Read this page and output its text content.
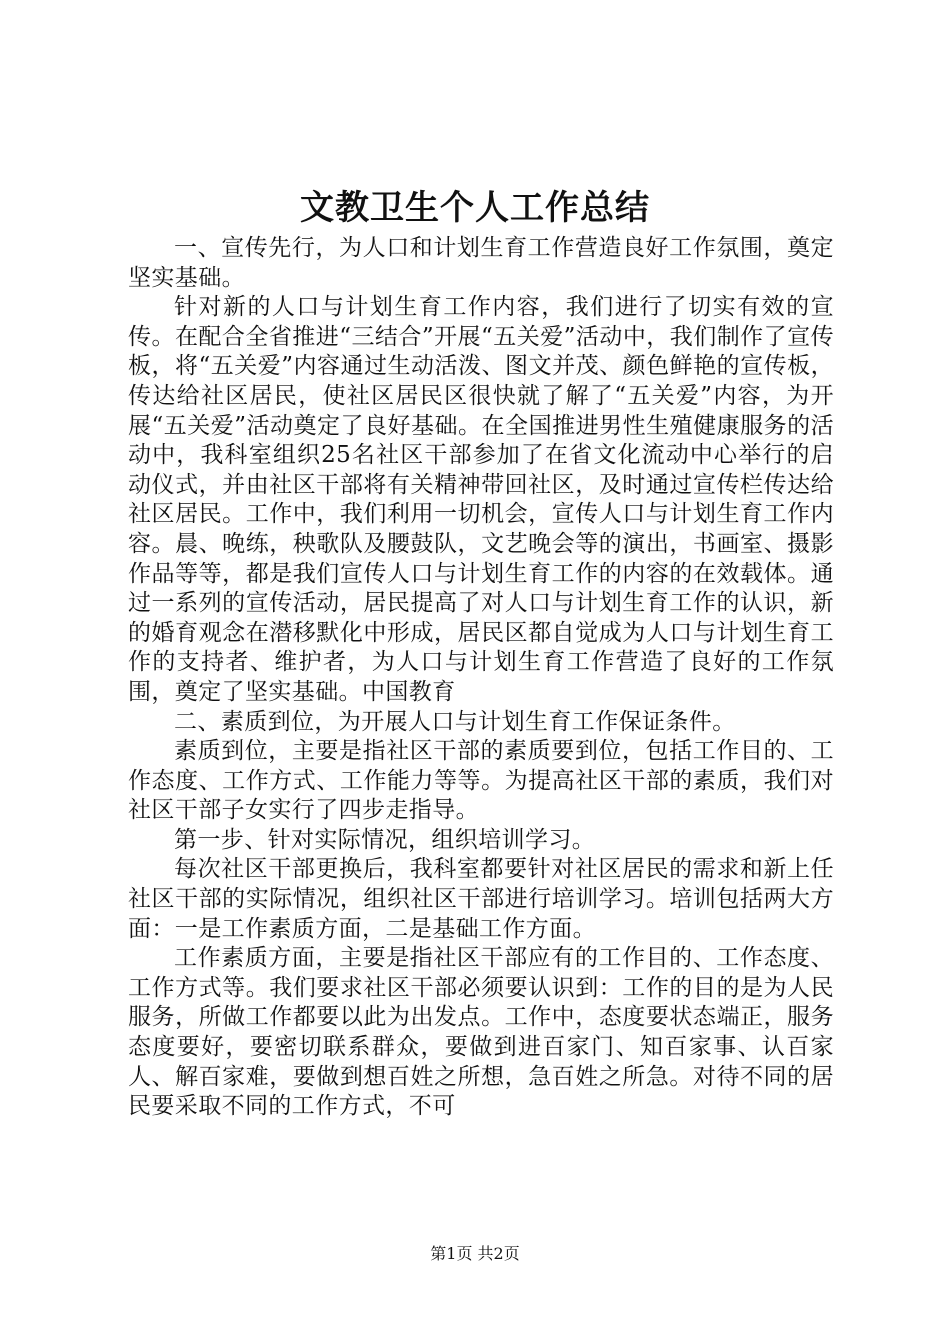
文教卫生个人工作总结

一、宣传先行，为人口和计划生育工作营造良好工作氛围，奠定坚实基础。

针对新的人口与计划生育工作内容，我们进行了切实有效的宣传。在配合全省推进“三结合”开展“五关爱”活动中，我们制作了宣传板，将“五关爱”内容通过生动活泼、图文并茂、颜色鲜艳的宣传板，传达给社区居民，使社区居民区很快就了解了“五关爱”内容，为开展“五关爱”活动奠定了良好基础。在全国推进男性生殖健康服务的活动中，我科室组织25名社区干部参加了在省文化流动中心举行的启动仪式，并由社区干部将有关精神带回社区，及时通过宣传栏传达给社区居民。工作中，我们利用一切机会，宣传人口与计划生育工作内容。晨、晚练，秧歌队及腰鼓队，文艺晚会等的演出，书画室、摄影作品等等，都是我们宣传人口与计划生育工作的内容的在效载体。通过一系列的宣传活动，居民提高了对人口与计划生育工作的认识，新的婚育观念在潜移默化中形成，居民区都自觉成为人口与计划生育工作的支持者、维护者，为人口与计划生育工作营造了良好的工作氛围，奠定了坚实基础。中国教育

二、素质到位，为开展人口与计划生育工作保证条件。

素质到位，主要是指社区干部的素质要到位，包括工作目的、工作态度、工作方式、工作能力等等。为提高社区干部的素质，我们对社区干部子女实行了四步走指导。

第一步、针对实际情况，组织培训学习。

每次社区干部更换后，我科室都要针对社区居民的需求和新上任社区干部的实际情况，组织社区干部进行培训学习。培训包括两大方面：一是工作素质方面，二是基础工作方面。

工作素质方面，主要是指社区干部应有的工作目的、工作态度、工作方式等。我们要求社区干部必须要认识到：工作的目的是为人民服务，所做工作都要以此为出发点。工作中，态度要状态端正，服务态度要好，要密切联系群众，要做到进百家门、知百家事、认百家人、解百家难，要做到想百姓之所想，急百姓之所急。对待不同的居民要采取不同的工作方式，不可

第1页 共2页
